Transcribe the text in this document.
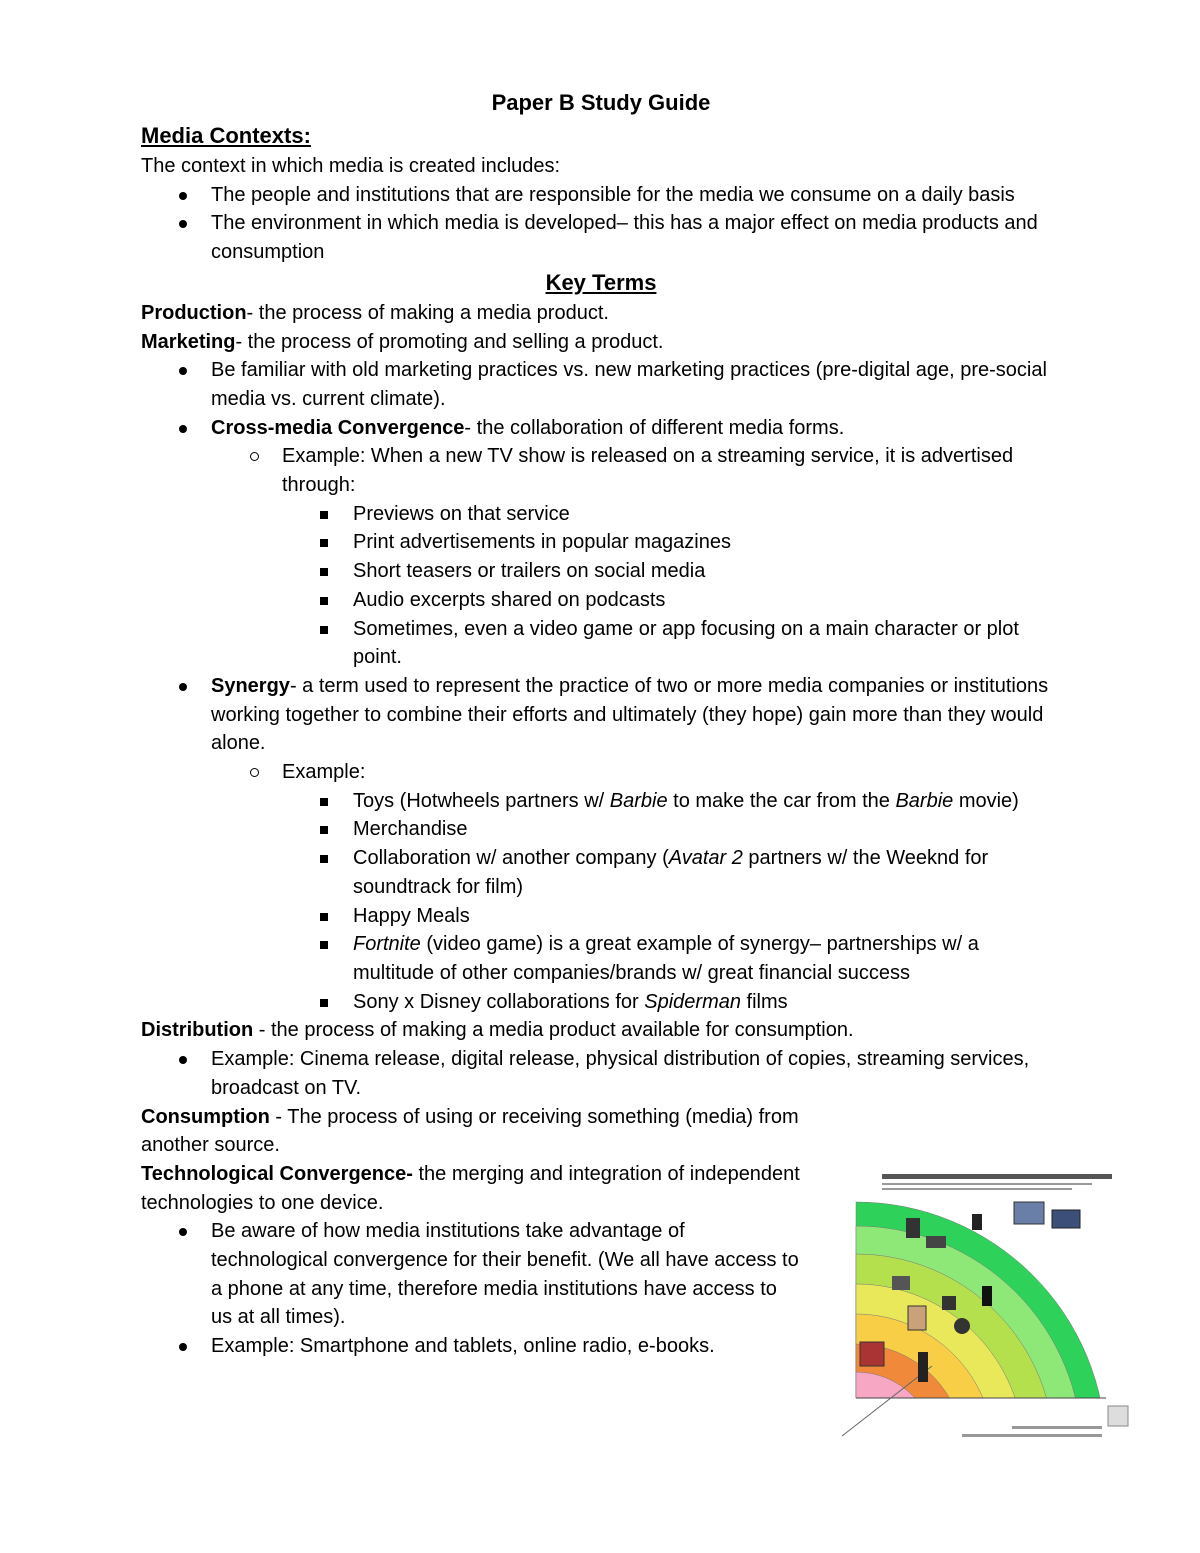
Paper B Study Guide

Media Contexts:

The context in which media is created includes:

The people and institutions that are responsible for the media we consume on a daily basis
The environment in which media is developed– this has a major effect on media products and consumption

Key Terms

Production- the process of making a media product.

Marketing- the process of promoting and selling a product.

Be familiar with old marketing practices vs. new marketing practices (pre-digital age, pre-social media vs. current climate).
Cross-media Convergence- the collaboration of different media forms.
Example: When a new TV show is released on a streaming service, it is advertised through:
Previews on that service
Print advertisements in popular magazines
Short teasers or trailers on social media
Audio excerpts shared on podcasts
Sometimes, even a video game or app focusing on a main character or plot point.
Synergy- a term used to represent the practice of two or more media companies or institutions working together to combine their efforts and ultimately (they hope) gain more than they would alone.
Example:
Toys (Hotwheels partners w/ Barbie to make the car from the Barbie movie)
Merchandise
Collaboration w/ another company (Avatar 2 partners w/ the Weeknd for soundtrack for film)
Happy Meals
Fortnite (video game) is a great example of synergy– partnerships w/ a multitude of other companies/brands w/ great financial success
Sony x Disney collaborations for Spiderman films

Distribution - the process of making a media product available for consumption.

Example: Cinema release, digital release, physical distribution of copies, streaming services, broadcast on TV.

Consumption - The process of using or receiving something (media) from another source.

Technological Convergence- the merging and integration of independent technologies to one device.

Be aware of how media institutions take advantage of technological convergence for their benefit. (We all have access to a phone at any time, therefore media institutions have access to us at all times).
Example: Smartphone and tablets, online radio, e-books.
